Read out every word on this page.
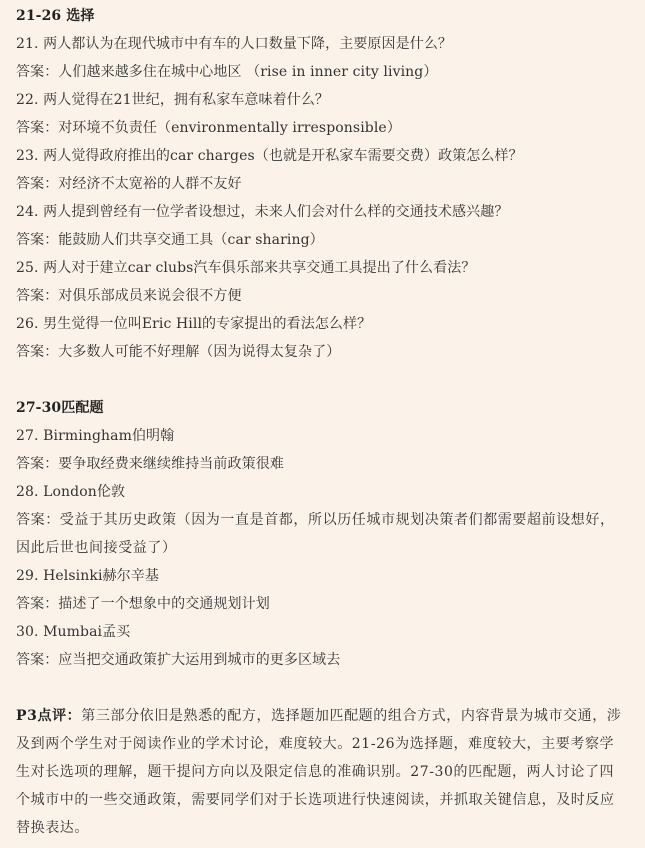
21-26 选择
21. 两人都认为在现代城市中有车的人口数量下降，主要原因是什么？
答案：人们越来越多住在城中心地区 （rise in inner city living）
22. 两人觉得在21世纪，拥有私家车意味着什么？
答案：对环境不负责任（environmentally irresponsible）
23. 两人觉得政府推出的car charges（也就是开私家车需要交费）政策怎么样？
答案：对经济不太宽裕的人群不友好
24. 两人提到曾经有一位学者设想过，未来人们会对什么样的交通技术感兴趣？
答案：能鼓励人们共享交通工具（car sharing）
25. 两人对于建立car clubs汽车俱乐部来共享交通工具提出了什么看法？
答案：对俱乐部成员来说会很不方便
26. 男生觉得一位叫Eric Hill的专家提出的看法怎么样？
答案：大多数人可能不好理解（因为说得太复杂了）
27-30匹配题
27. Birmingham伯明翰
答案：要争取经费来继续维持当前政策很难
28. London伦敦
答案：受益于其历史政策（因为一直是首都，所以历任城市规划决策者们都需要超前设想好，因此后世也间接受益了）
29. Helsinki赫尔辛基
答案：描述了一个想象中的交通规划计划
30. Mumbai孟买
答案：应当把交通政策扩大运用到城市的更多区域去
P3点评：第三部分依旧是熟悉的配方，选择题加匹配题的组合方式，内容背景为城市交通，涉及到两个学生对于阅读作业的学术讨论，难度较大。21-26为选择题，难度较大，主要考察学生对长选项的理解，题干提问方向以及限定信息的准确识别。27-30的匹配题，两人讨论了四个城市中的一些交通政策，需要同学们对于长选项进行快速阅读，并抓取关键信息，及时反应替换表达。
